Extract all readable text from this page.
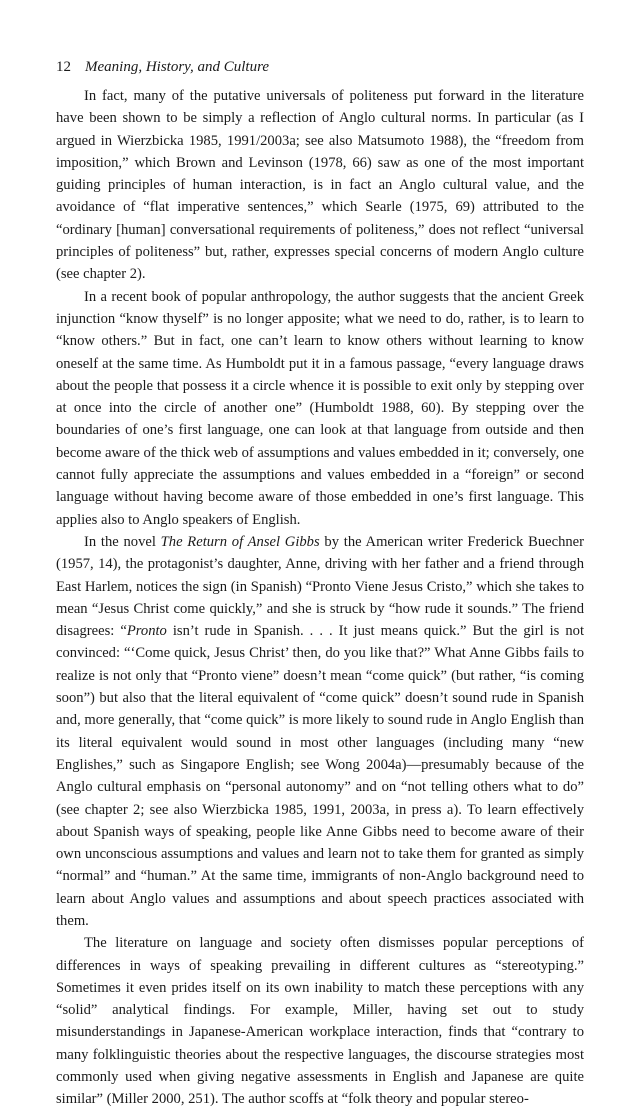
12 Meaning, History, and Culture

In fact, many of the putative universals of politeness put forward in the literature have been shown to be simply a reflection of Anglo cultural norms. In particular (as I argued in Wierzbicka 1985, 1991/2003a; see also Matsumoto 1988), the “freedom from imposition,” which Brown and Levinson (1978, 66) saw as one of the most important guiding principles of human interaction, is in fact an Anglo cultural value, and the avoidance of “flat imperative sentences,” which Searle (1975, 69) attributed to the “ordinary [human] conversational requirements of politeness,” does not reflect “universal principles of politeness” but, rather, expresses special concerns of modern Anglo culture (see chapter 2).

In a recent book of popular anthropology, the author suggests that the ancient Greek injunction “know thyself” is no longer apposite; what we need to do, rather, is to learn to “know others.” But in fact, one can’t learn to know others without learning to know oneself at the same time. As Humboldt put it in a famous passage, “every language draws about the people that possess it a circle whence it is possible to exit only by stepping over at once into the circle of another one” (Humboldt 1988, 60). By stepping over the boundaries of one’s first language, one can look at that language from outside and then become aware of the thick web of assumptions and values embedded in it; conversely, one cannot fully appreciate the assumptions and values embedded in a “foreign” or second language without having become aware of those embedded in one’s first language. This applies also to Anglo speakers of English.

In the novel The Return of Ansel Gibbs by the American writer Frederick Buechner (1957, 14), the protagonist’s daughter, Anne, driving with her father and a friend through East Harlem, notices the sign (in Spanish) “Pronto Viene Jesus Cristo,” which she takes to mean “Jesus Christ come quickly,” and she is struck by “how rude it sounds.” The friend disagrees: “Pronto isn’t rude in Spanish. . . . It just means quick.” But the girl is not convinced: “‘Come quick, Jesus Christ’ then, do you like that?” What Anne Gibbs fails to realize is not only that “Pronto viene” doesn’t mean “come quick” (but rather, “is coming soon”) but also that the literal equivalent of “come quick” doesn’t sound rude in Spanish and, more generally, that “come quick” is more likely to sound rude in Anglo English than its literal equivalent would sound in most other languages (including many “new Englishes,” such as Singapore English; see Wong 2004a)—presumably because of the Anglo cultural emphasis on “personal autonomy” and on “not telling others what to do” (see chapter 2; see also Wierzbicka 1985, 1991, 2003a, in press a). To learn effectively about Spanish ways of speaking, people like Anne Gibbs need to become aware of their own unconscious assumptions and values and learn not to take them for granted as simply “normal” and “human.” At the same time, immigrants of non-Anglo background need to learn about Anglo values and assumptions and about speech practices associated with them.

The literature on language and society often dismisses popular perceptions of differences in ways of speaking prevailing in different cultures as “stereotyping.” Sometimes it even prides itself on its own inability to match these perceptions with any “solid” analytical findings. For example, Miller, having set out to study misunderstandings in Japanese-American workplace interaction, finds that “contrary to many folklinguistic theories about the respective languages, the discourse strategies most commonly used when giving negative assessments in English and Japanese are quite similar” (Miller 2000, 251). The author scoffs at “folk theory and popular stereo-
